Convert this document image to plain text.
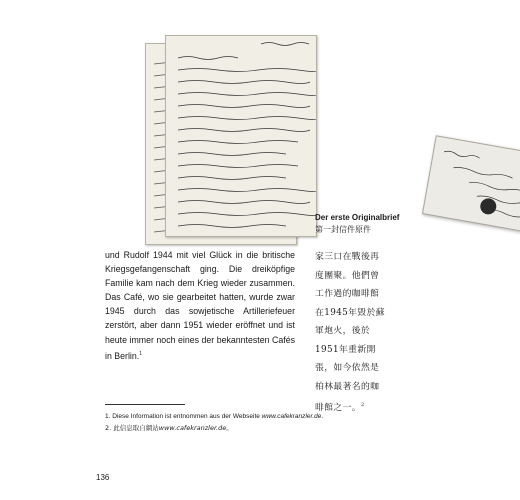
Der erste Originalbrief
第一封信件原件
und Rudolf 1944 mit viel Glück in die britische Kriegsgefangenschaft ging. Die dreiköpfige Familie kam nach dem Krieg wieder zusammen. Das Café, wo sie gearbeitet hatten, wurde zwar 1945 durch das sowjetische Artilleriefeuer zerstört, aber dann 1951 wieder eröffnet und ist heute immer noch eines der bekanntesten Cafés in Berlin.$^1$
家三口在戰後再度團聚。他們曾工作過的咖啡館在1945年毀於蘇軍炮火，後於1951年重新開張，如今依然是柏林最著名的咖啡館之一。$^2$
1. Diese Information ist entnommen aus der Webseite www.cafekranzler.de.
2. 此信息取自網站www.cafekranzler.de。
136
